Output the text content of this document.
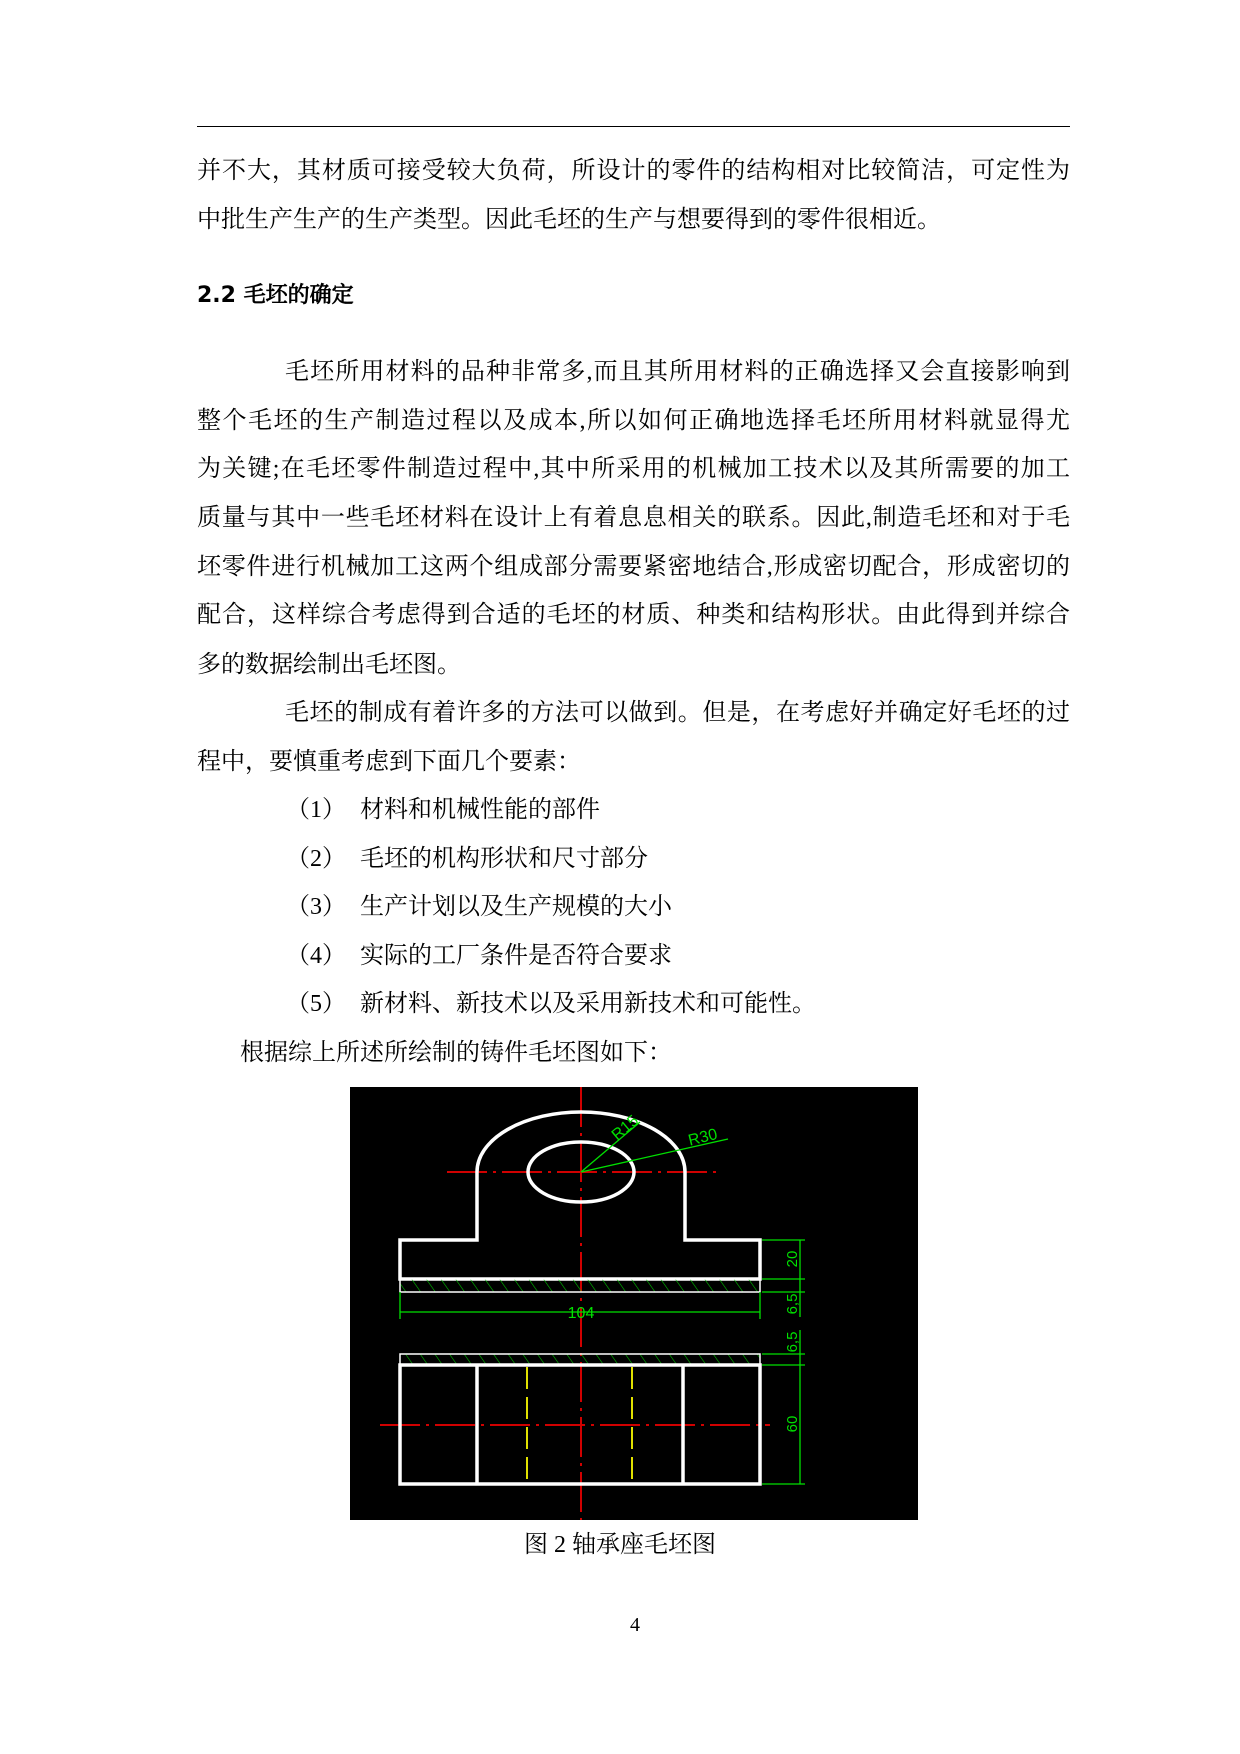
并不大，其材质可接受较大负荷，所设计的零件的结构相对比较简洁，可定性为
中批生产生产的生产类型。因此毛坯的生产与想要得到的零件很相近。
2.2 毛坯的确定
毛坯所用材料的品种非常多,而且其所用材料的正确选择又会直接影响到
整个毛坯的生产制造过程以及成本,所以如何正确地选择毛坯所用材料就显得尤
为关键;在毛坯零件制造过程中,其中所采用的机械加工技术以及其所需要的加工
质量与其中一些毛坯材料在设计上有着息息相关的联系。因此,制造毛坯和对于毛
坯零件进行机械加工这两个组成部分需要紧密地结合,形成密切配合，形成密切的
配合，这样综合考虑得到合适的毛坯的材质、种类和结构形状。由此得到并综合
多的数据绘制出毛坯图。
毛坯的制成有着许多的方法可以做到。但是，在考虑好并确定好毛坯的过
程中，要慎重考虑到下面几个要素：
（1） 材料和机械性能的部件
（2） 毛坯的机构形状和尺寸部分
（3） 生产计划以及生产规模的大小
（4） 实际的工厂条件是否符合要求
（5） 新材料、新技术以及采用新技术和可能性。
根据综上所述所绘制的铸件毛坯图如下：
R15	R30
104
20
6,5
6,5
60
图 2 轴承座毛坯图
4
